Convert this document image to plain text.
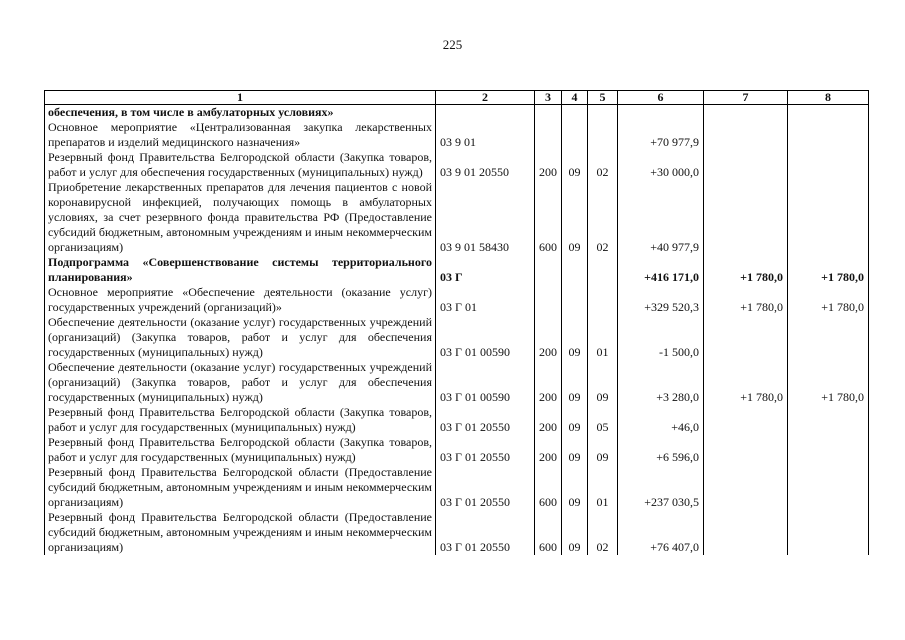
225
1	2	3	4	5	6	7	8
обеспечения, в том числе в амбулаторных условиях»							
Основное мероприятие «Централизованная закупка лекарственных препаратов и изделий медицинского назначения»	03 9 01				+70 977,9		
Резервный фонд Правительства Белгородской области (Закупка товаров, работ и услуг для обеспечения государственных (муниципальных) нужд)	03 9 01 20550	200	09	02	+30 000,0		
Приобретение лекарственных препаратов для лечения пациентов с новой коронавирусной инфекцией, получающих помощь в амбулаторных условиях, за счет резервного фонда правительства РФ (Предоставление субсидий бюджетным, автономным учреждениям и иным некоммерческим организациям)	03 9 01 58430	600	09	02	+40 977,9		
Подпрограмма «Совершенствование системы территориального планирования»	03 Г				+416 171,0	+1 780,0	+1 780,0
Основное мероприятие «Обеспечение деятельности (оказание услуг) государственных учреждений (организаций)»	03 Г 01				+329 520,3	+1 780,0	+1 780,0
Обеспечение деятельности (оказание услуг) государственных учреждений (организаций) (Закупка товаров, работ и услуг для обеспечения государственных (муниципальных) нужд)	03 Г 01 00590	200	09	01	-1 500,0		
Обеспечение деятельности (оказание услуг) государственных учреждений (организаций) (Закупка товаров, работ и услуг для обеспечения государственных (муниципальных) нужд)	03 Г 01 00590	200	09	09	+3 280,0	+1 780,0	+1 780,0
Резервный фонд Правительства Белгородской области (Закупка товаров, работ и услуг для государственных (муниципальных) нужд)	03 Г 01 20550	200	09	05	+46,0		
Резервный фонд Правительства Белгородской области (Закупка товаров, работ и услуг для государственных (муниципальных) нужд)	03 Г 01 20550	200	09	09	+6 596,0		
Резервный фонд Правительства Белгородской области (Предоставление субсидий бюджетным, автономным учреждениям и иным некоммерческим организациям)	03 Г 01 20550	600	09	01	+237 030,5		
Резервный фонд Правительства Белгородской области (Предоставление субсидий бюджетным, автономным учреждениям и иным некоммерческим организациям)	03 Г 01 20550	600	09	02	+76 407,0		
